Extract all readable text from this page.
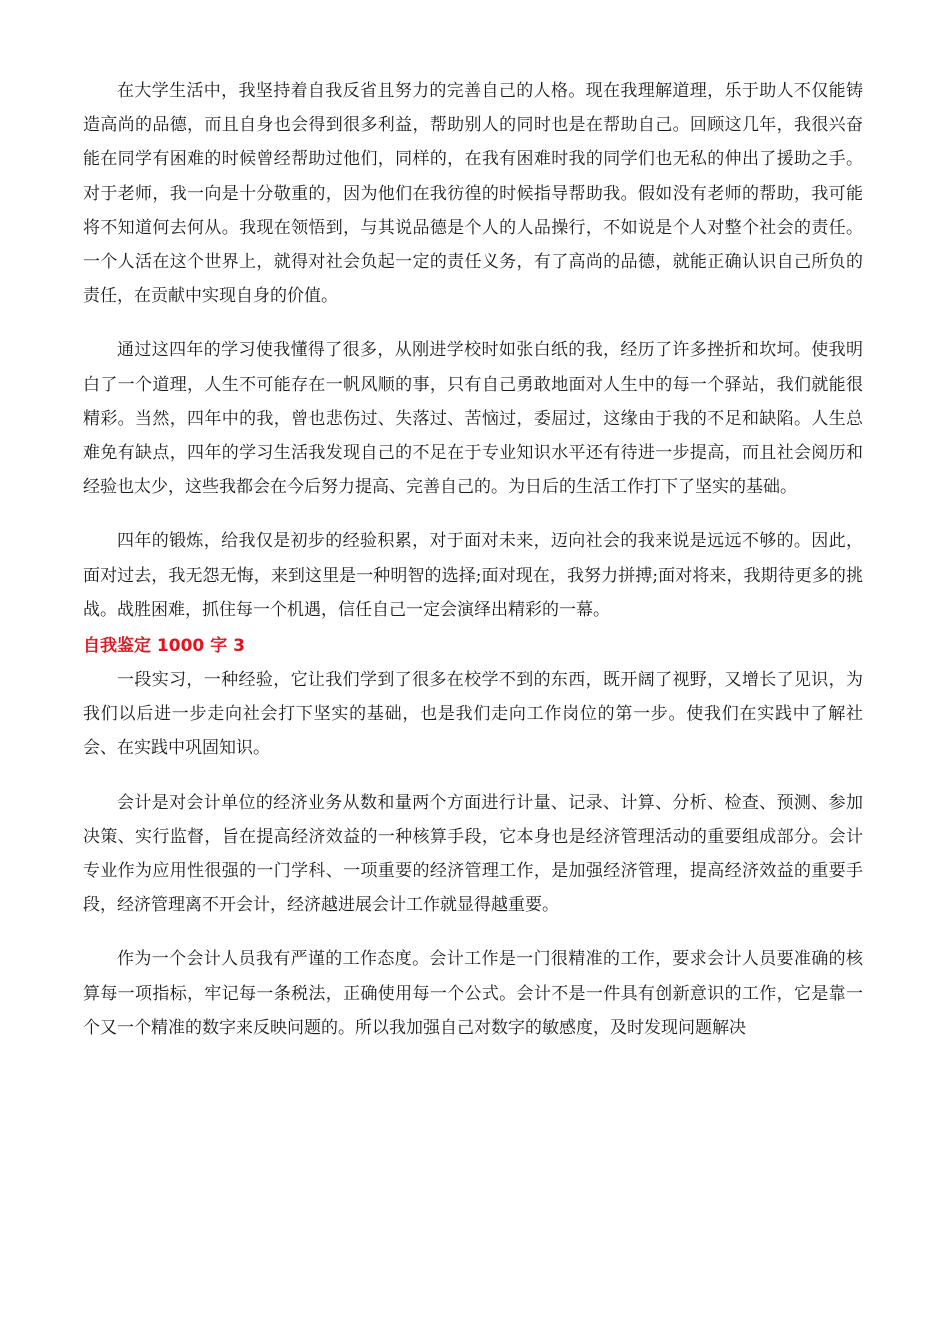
在大学生活中，我坚持着自我反省且努力的完善自己的人格。现在我理解道理，乐于助人不仅能铸造高尚的品德，而且自身也会得到很多利益，帮助别人的同时也是在帮助自己。回顾这几年，我很兴奋能在同学有困难的时候曾经帮助过他们，同样的，在我有困难时我的同学们也无私的伸出了援助之手。对于老师，我一向是十分敬重的，因为他们在我彷徨的时候指导帮助我。假如没有老师的帮助，我可能将不知道何去何从。我现在领悟到，与其说品德是个人的人品操行，不如说是个人对整个社会的责任。一个人活在这个世界上，就得对社会负起一定的责任义务，有了高尚的品德，就能正确认识自己所负的责任，在贡献中实现自身的价值。

通过这四年的学习使我懂得了很多，从刚进学校时如张白纸的我，经历了许多挫折和坎坷。使我明白了一个道理，人生不可能存在一帆风顺的事，只有自己勇敢地面对人生中的每一个驿站，我们就能很精彩。当然，四年中的我，曾也悲伤过、失落过、苦恼过，委屈过，这缘由于我的不足和缺陷。人生总难免有缺点，四年的学习生活我发现自己的不足在于专业知识水平还有待进一步提高，而且社会阅历和经验也太少，这些我都会在今后努力提高、完善自己的。为日后的生活工作打下了坚实的基础。

四年的锻炼，给我仅是初步的经验积累，对于面对未来，迈向社会的我来说是远远不够的。因此，面对过去，我无怨无悔，来到这里是一种明智的选择;面对现在，我努力拼搏;面对将来，我期待更多的挑战。战胜困难，抓住每一个机遇，信任自己一定会演绎出精彩的一幕。

自我鉴定 1000 字 3

一段实习，一种经验，它让我们学到了很多在校学不到的东西，既开阔了视野，又增长了见识，为我们以后进一步走向社会打下坚实的基础，也是我们走向工作岗位的第一步。使我们在实践中了解社会、在实践中巩固知识。

会计是对会计单位的经济业务从数和量两个方面进行计量、记录、计算、分析、检查、预测、参加决策、实行监督，旨在提高经济效益的一种核算手段，它本身也是经济管理活动的重要组成部分。会计专业作为应用性很强的一门学科、一项重要的经济管理工作，是加强经济管理，提高经济效益的重要手段，经济管理离不开会计，经济越进展会计工作就显得越重要。

作为一个会计人员我有严谨的工作态度。会计工作是一门很精准的工作，要求会计人员要准确的核算每一项指标，牢记每一条税法，正确使用每一个公式。会计不是一件具有创新意识的工作，它是靠一个又一个精准的数字来反映问题的。所以我加强自己对数字的敏感度，及时发现问题解决
